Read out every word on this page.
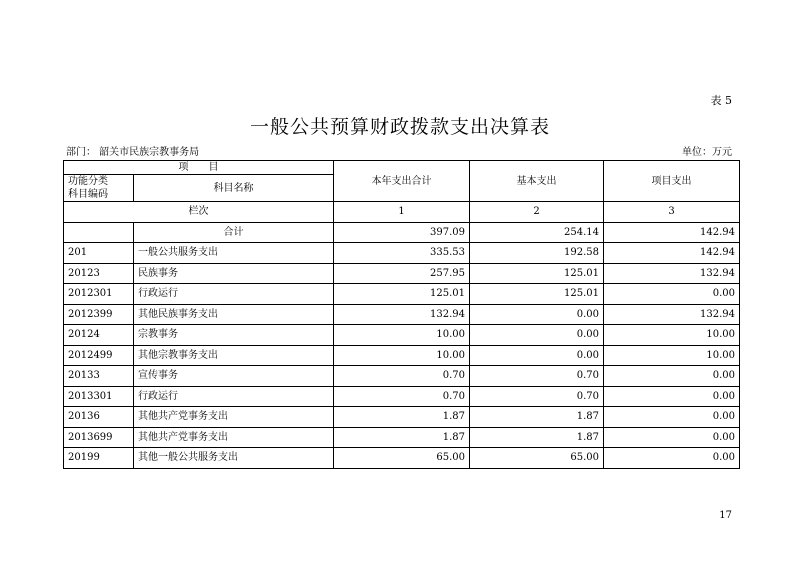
表 5
一般公共预算财政拨款支出决算表
部门： 韶关市民族宗教事务局	单位：万元
项　　目		本年支出合计	基本支出	项目支出

功能分类
科目编码	科目名称			

栏次		1	2	3
	合计	397.09	254.14	142.94
201	一般公共服务支出	335.53	192.58	142.94
20123	民族事务	257.95	125.01	132.94
2012301	行政运行	125.01	125.01	0.00
2012399	其他民族事务支出	132.94	0.00	132.94
20124	宗教事务	10.00	0.00	10.00
2012499	其他宗教事务支出	10.00	0.00	10.00
20133	宣传事务	0.70	0.70	0.00
2013301	行政运行	0.70	0.70	0.00
20136	其他共产党事务支出	1.87	1.87	0.00
2013699	其他共产党事务支出	1.87	1.87	0.00
20199	其他一般公共服务支出	65.00	65.00	0.00
17
